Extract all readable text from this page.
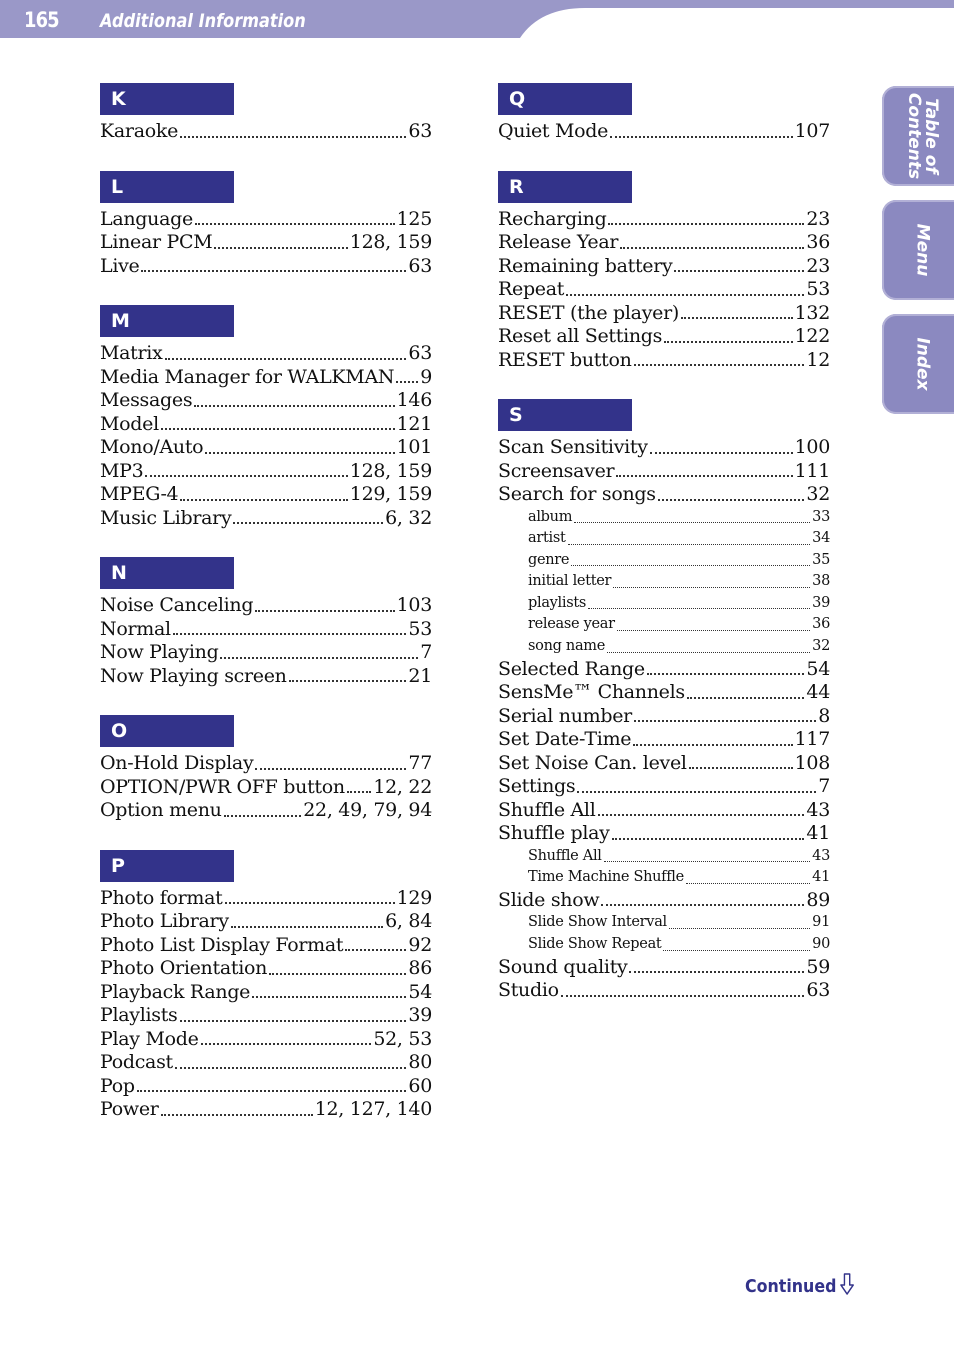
165 Additional Information
Table of
Contents
Menu
Index
K
Karaoke	63
L
Language	125
Linear PCM	128, 159
Live	63
M
Matrix	63
Media Manager for WALKMAN 9
Messages	146
Model	121
Mono/Auto	101
MP3	128, 159
MPEG-4	129, 159
Music Library	6, 32
N
Noise Canceling	103
Normal	53
Now Playing	7
Now Playing screen	21
O
On-Hold Display	77
OPTION/PWR OFF button 12, 22
Option menu	22, 49, 79, 94
P
Photo format	129
Photo Library	6, 84
Photo List Display Format	92
Photo Orientation	86
Playback Range	54
Playlists	39
Play Mode	52, 53
Podcast	80
Pop	60
Power	12, 127, 140
Q
Quiet Mode	107
R
Recharging	23
Release Year	36
Remaining battery	23
Repeat	53
RESET (the player)	132
Reset all Settings	122
RESET button	12
S
Scan Sensitivity	100
Screensaver	111
Search for songs	32
album	33
artist	34
genre	35
initial letter	38
playlists	39
release year	36
song name	32
Selected Range	54
SensMe™ Channels	44
Serial number	8
Set Date-Time	117
Set Noise Can. level	108
Settings	7
Shuffle All	43
Shuffle play	41
Shuffle All	43
Time Machine Shuffle	41
Slide show	89
Slide Show Interval	91
Slide Show Repeat	90
Sound quality	59
Studio	63
Continued
